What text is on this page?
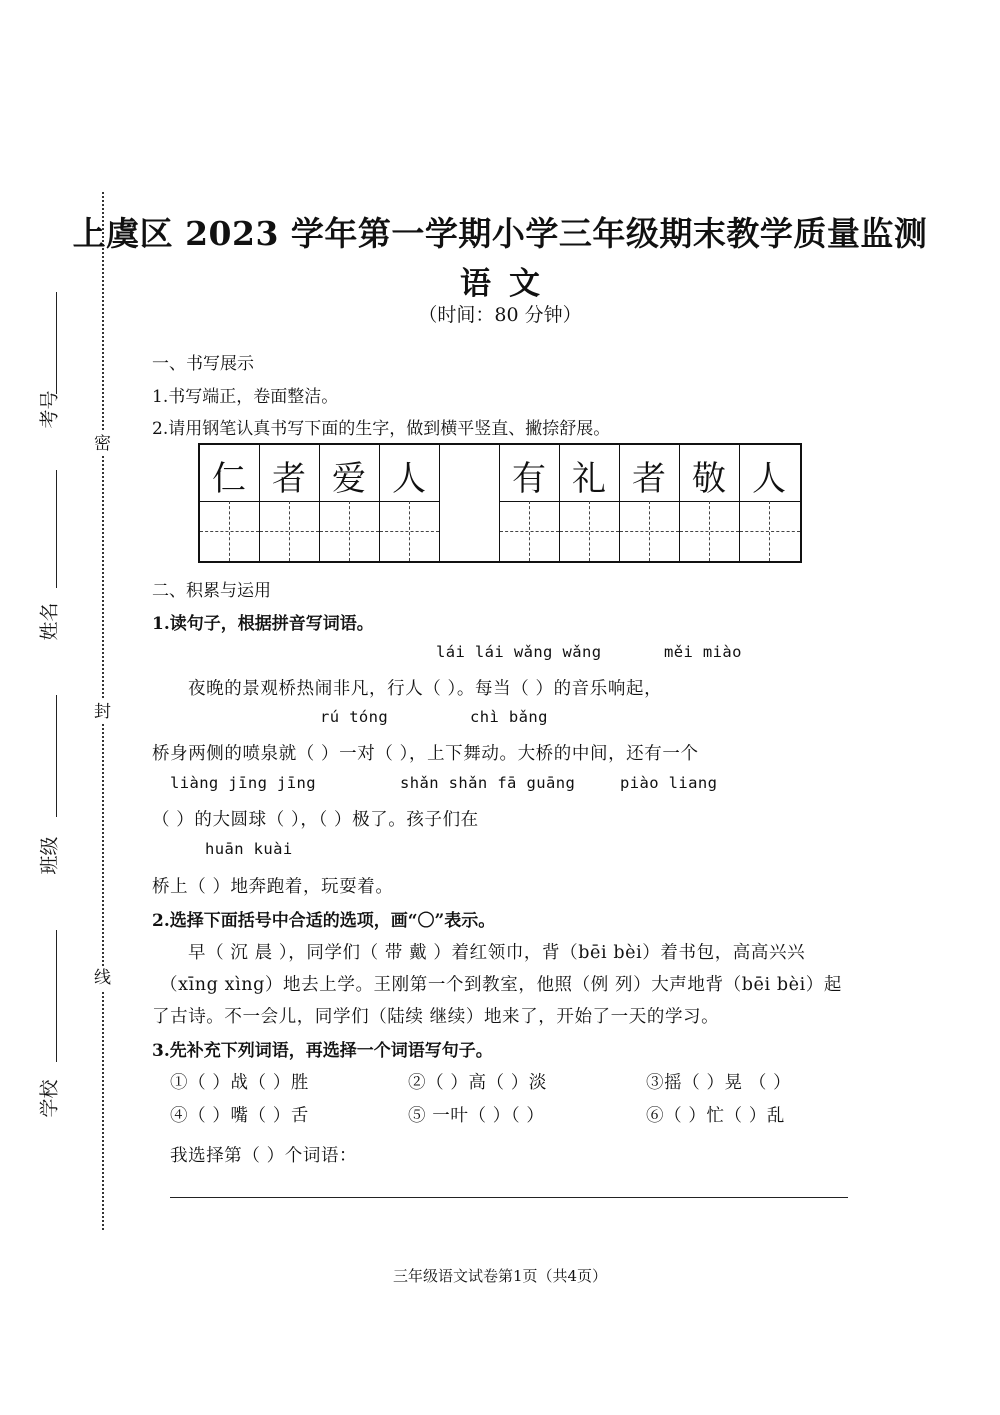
密
封
线
考号
姓名
班级
学校
上虞区 2023 学年第一学期小学三年级期末教学质量监测
语文
（时间：80 分钟）
一、书写展示
1.书写端正，卷面整洁。
2.请用钢笔认真书写下面的生字，做到横平竖直、撇捺舒展。
仁 者 爱 人	有 礼 者 敬 人
二、积累与运用
1.读句子，根据拼音写词语。
lái lái wǎng wǎng	měi miào
夜晚的景观桥热闹非凡，行人（ ）。每当（ ）的音乐响起，
rú tóng	chì bǎng
桥身两侧的喷泉就（ ）一对（ ），上下舞动。大桥的中间，还有一个
liàng jīng jīng	shǎn shǎn fā guāng	piào liang
（ ）的大圆球（ ），（ ）极了。孩子们在
huān kuài
桥上（ ）地奔跑着，玩耍着。
2.选择下面括号中合适的选项，画“〇”表示。
早（ 沉 晨 ），同学们（ 带 戴 ）着红领巾，背（bēi bèi）着书包，高高兴兴
（xīng xìng）地去上学。王刚第一个到教室，他照（例 列）大声地背（bēi bèi）起
了古诗。不一会儿，同学们（陆续 继续）地来了，开始了一天的学习。
3.先补充下列词语，再选择一个词语写句子。
①（ ）战（ ）胜	②（ ）高（ ）淡	③摇（ ）晃 （ ）
④（ ）嘴（ ）舌	⑤ 一叶（ ）（ ）	⑥（ ）忙（ ）乱
我选择第（ ）个词语：
三年级语文试卷第1页（共4页）
